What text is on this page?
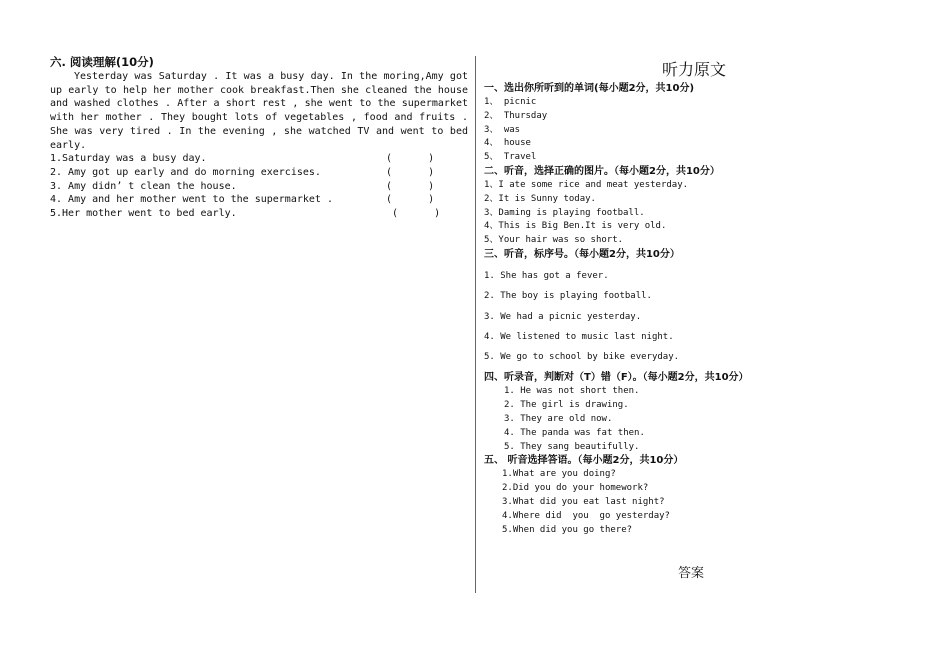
六. 阅读理解(10分)
Yesterday was Saturday . It was a busy day. In the moring,Amy got up early to help her mother cook breakfast.Then she cleaned the house and washed clothes . After a short rest , she went to the supermarket with her mother . They bought lots of vegetables , food and fruits . She was very tired . In the evening , she watched TV and went to bed early.
1.Saturday was a busy day.	(      )
2. Amy got up early and do morning exercises.	(      )
3. Amy didn’ t clean the house.	(      )
4. Amy and her mother went to the supermarket .	(      )
5.Her mother went to bed early.	(      )
听力原文
一、选出你所听到的单词(每小题2分，共10分)
1、 picnic
2、 Thursday
3、 was
4、 house
5、 Travel
二、听音，选择正确的图片。（每小题2分，共10分）
1、I ate some rice and meat yesterday.
2、It is Sunny today.
3、Daming is playing football.
4、This is Big Ben.It is very old.
5、Your hair was so short.
三、听音，标序号。（每小题2分，共10分）
1. She has got a fever.
2. The boy is playing football.
3. We had a picnic yesterday.
4. We listened to music last night.
5. We go to school by bike everyday.
四、听录音，判断对（T）错（F）。（每小题2分，共10分）
1. He was not short then.
2. The girl is drawing.
3. They are old now.
4. The panda was fat then.
5. They sang beautifully.
五、 听音选择答语。（每小题2分，共10分）
1.What are you doing?
2.Did you do your homework?
3.What did you eat last night?
4.Where did  you  go yesterday?
5.When did you go there?
答案
